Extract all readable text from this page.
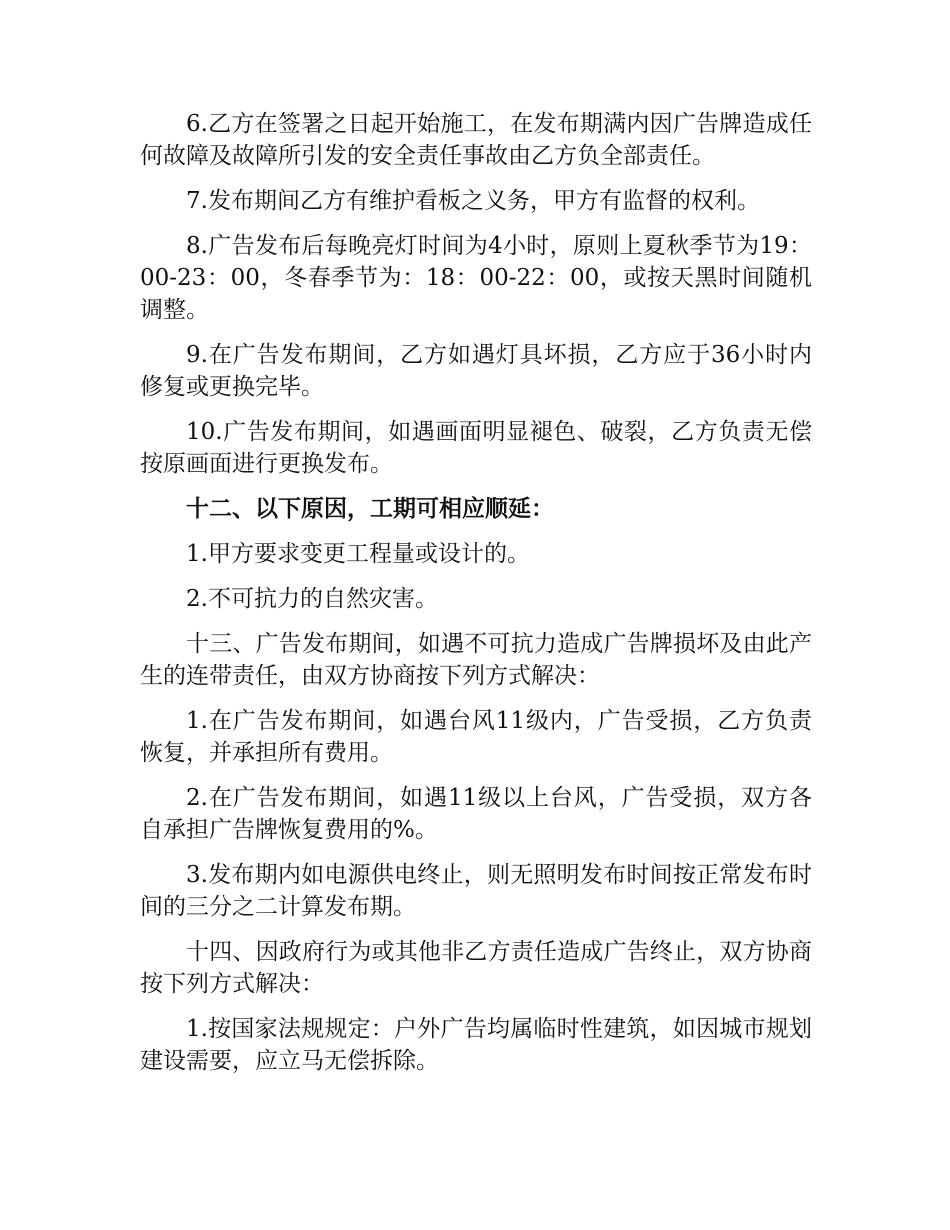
6.乙方在签署之日起开始施工，在发布期满内因广告牌造成任何故障及故障所引发的安全责任事故由乙方负全部责任。

7.发布期间乙方有维护看板之义务，甲方有监督的权利。

8.广告发布后每晚亮灯时间为4小时，原则上夏秋季节为19：00-23：00，冬春季节为：18：00-22：00，或按天黑时间随机调整。

9.在广告发布期间，乙方如遇灯具坏损，乙方应于36小时内修复或更换完毕。

10.广告发布期间，如遇画面明显褪色、破裂，乙方负责无偿按原画面进行更换发布。

十二、以下原因，工期可相应顺延：

1.甲方要求变更工程量或设计的。

2.不可抗力的自然灾害。

十三、广告发布期间，如遇不可抗力造成广告牌损坏及由此产生的连带责任，由双方协商按下列方式解决：

1.在广告发布期间，如遇台风11级内，广告受损，乙方负责恢复，并承担所有费用。

2.在广告发布期间，如遇11级以上台风，广告受损，双方各自承担广告牌恢复费用的%。

3.发布期内如电源供电终止，则无照明发布时间按正常发布时间的三分之二计算发布期。

十四、因政府行为或其他非乙方责任造成广告终止，双方协商按下列方式解决：

1.按国家法规规定：户外广告均属临时性建筑，如因城市规划建设需要，应立马无偿拆除。
